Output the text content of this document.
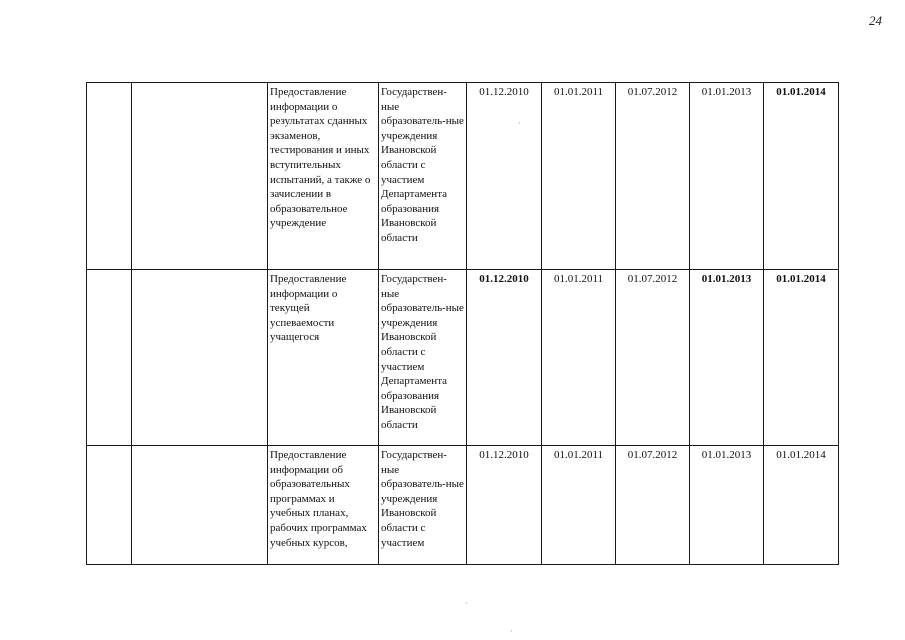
24
		Предоставление информации о результатах сданных экзаменов, тестирования и иных вступительных испытаний, а также о зачислении в образовательное учреждение	Государствен-ные образователь-ные учреждения Ивановской области с участием Департамента образования Ивановской области	01.12.2010	01.01.2011	01.07.2012	01.01.2013	01.01.2014

		Предоставление информации о текущей успеваемости учащегося	Государствен-ные образователь-ные учреждения Ивановской области с участием Департамента образования Ивановской области	01.12.2010	01.01.2011	01.07.2012	01.01.2013	01.01.2014

		Предоставление информации об образовательных программах и учебных планах, рабочих программах учебных курсов,	Государствен-ные образователь-ные учреждения Ивановской области с участием	01.12.2010	01.01.2011	01.07.2012	01.01.2013	01.01.2014
·
·
·
